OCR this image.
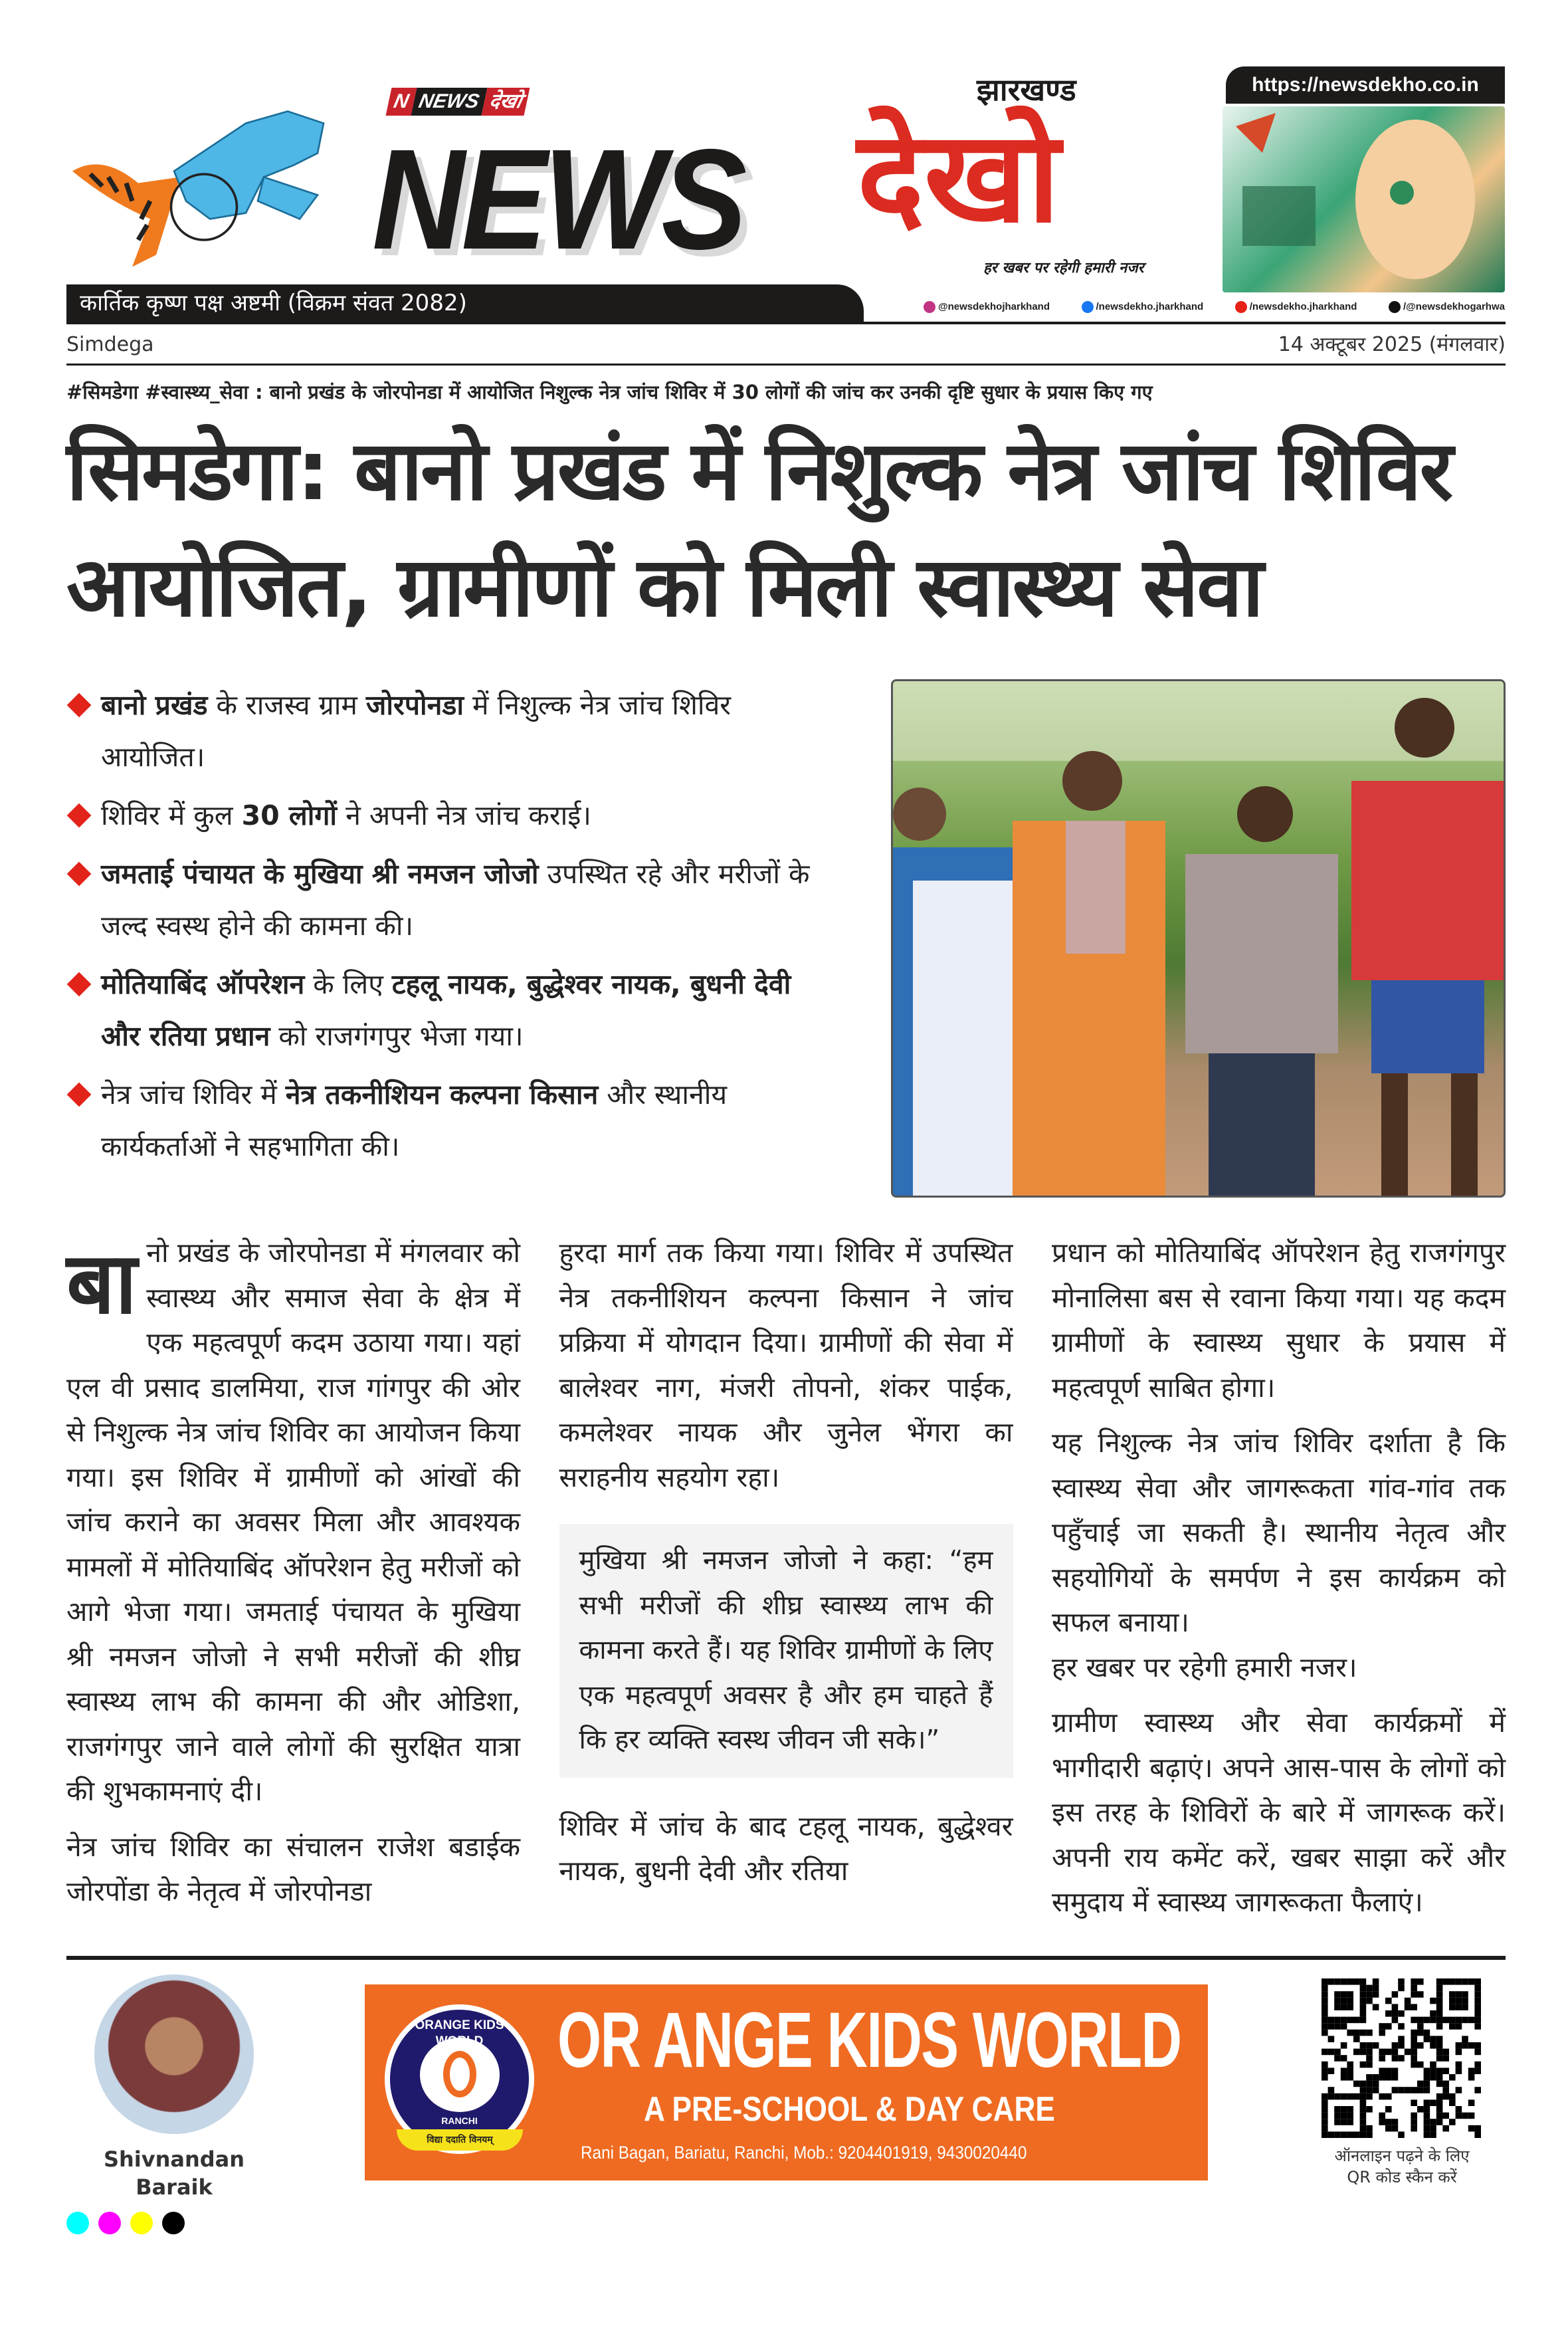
https://newsdekho.co.in
N NEWS देखो
NEWS
झारखण्ड
देखो
हर खबर पर रहेगी हमारी नजर
कार्तिक कृष्ण पक्ष अष्टमी (विक्रम संवत 2082)	@newsdekhojharkhand	/newsdekho.jharkhand	/newsdekho.jharkhand	/@newsdekhogarhwa
Simdega	14 अक्टूबर 2025 (मंगलवार)
#सिमडेगा #स्वास्थ्य_सेवा : बानो प्रखंड के जोरपोनडा में आयोजित निशुल्क नेत्र जांच शिविर में 30 लोगों की जांच कर उनकी दृष्टि सुधार के प्रयास किए गए
सिमडेगा: बानो प्रखंड में निशुल्क नेत्र जांच शिविर आयोजित, ग्रामीणों को मिली स्वास्थ्य सेवा
बानो प्रखंड के राजस्व ग्राम जोरपोनडा में निशुल्क नेत्र जांच शिविर आयोजित।
शिविर में कुल 30 लोगों ने अपनी नेत्र जांच कराई।
जमताई पंचायत के मुखिया श्री नमजन जोजो उपस्थित रहे और मरीजों के जल्द स्वस्थ होने की कामना की।
मोतियाबिंद ऑपरेशन के लिए टहलू नायक, बुद्धेश्वर नायक, बुधनी देवी और रतिया प्रधान को राजगंगपुर भेजा गया।
नेत्र जांच शिविर में नेत्र तकनीशियन कल्पना किसान और स्थानीय कार्यकर्ताओं ने सहभागिता की।

बानो प्रखंड के जोरपोनडा में मंगलवार को स्वास्थ्य और समाज सेवा के क्षेत्र में एक महत्वपूर्ण कदम उठाया गया। यहां एल वी प्रसाद डालमिया, राज गांगपुर की ओर से निशुल्क नेत्र जांच शिविर का आयोजन किया गया। इस शिविर में ग्रामीणों को आंखों की जांच कराने का अवसर मिला और आवश्यक मामलों में मोतियाबिंद ऑपरेशन हेतु मरीजों को आगे भेजा गया। जमताई पंचायत के मुखिया श्री नमजन जोजो ने सभी मरीजों की शीघ्र स्वास्थ्य लाभ की कामना की और ओडिशा, राजगंगपुर जाने वाले लोगों की सुरक्षित यात्रा की शुभकामनाएं दी।

नेत्र जांच शिविर का संचालन राजेश बडाईक जोरपोंडा के नेतृत्व में जोरपोनडा

हुरदा मार्ग तक किया गया। शिविर में उपस्थित नेत्र तकनीशियन कल्पना किसान ने जांच प्रक्रिया में योगदान दिया। ग्रामीणों की सेवा में बालेश्वर नाग, मंजरी तोपनो, शंकर पाईक, कमलेश्वर नायक और जुनेल भेंगरा का सराहनीय सहयोग रहा।

मुखिया श्री नमजन जोजो ने कहा: “हम सभी मरीजों की शीघ्र स्वास्थ्य लाभ की कामना करते हैं। यह शिविर ग्रामीणों के लिए एक महत्वपूर्ण अवसर है और हम चाहते हैं कि हर व्यक्ति स्वस्थ जीवन जी सके।”

शिविर में जांच के बाद टहलू नायक, बुद्धेश्वर नायक, बुधनी देवी और रतिया

प्रधान को मोतियाबिंद ऑपरेशन हेतु राजगंगपुर मोनालिसा बस से रवाना किया गया। यह कदम ग्रामीणों के स्वास्थ्य सुधार के प्रयास में महत्वपूर्ण साबित होगा।

यह निशुल्क नेत्र जांच शिविर दर्शाता है कि स्वास्थ्य सेवा और जागरूकता गांव-गांव तक पहुँचाई जा सकती है। स्थानीय नेतृत्व और सहयोगियों के समर्पण ने इस कार्यक्रम को सफल बनाया।

हर खबर पर रहेगी हमारी नजर।

ग्रामीण स्वास्थ्य और सेवा कार्यक्रमों में भागीदारी बढ़ाएं। अपने आस-पास के लोगों को इस तरह के शिविरों के बारे में जागरूक करें। अपनी राय कमेंट करें, खबर साझा करें और समुदाय में स्वास्थ्य जागरूकता फैलाएं।

Shivnandan
Baraik
ORANGE KIDS WORLD
RANCHI
विद्या ददाति विनयम्
OR ANGE KIDS WORLD
A PRE-SCHOOL & DAY CARE
Rani Bagan, Bariatu, Ranchi, Mob.: 9204401919, 9430020440	ऑनलाइन पढ़ने के लिए
QR कोड स्कैन करें
